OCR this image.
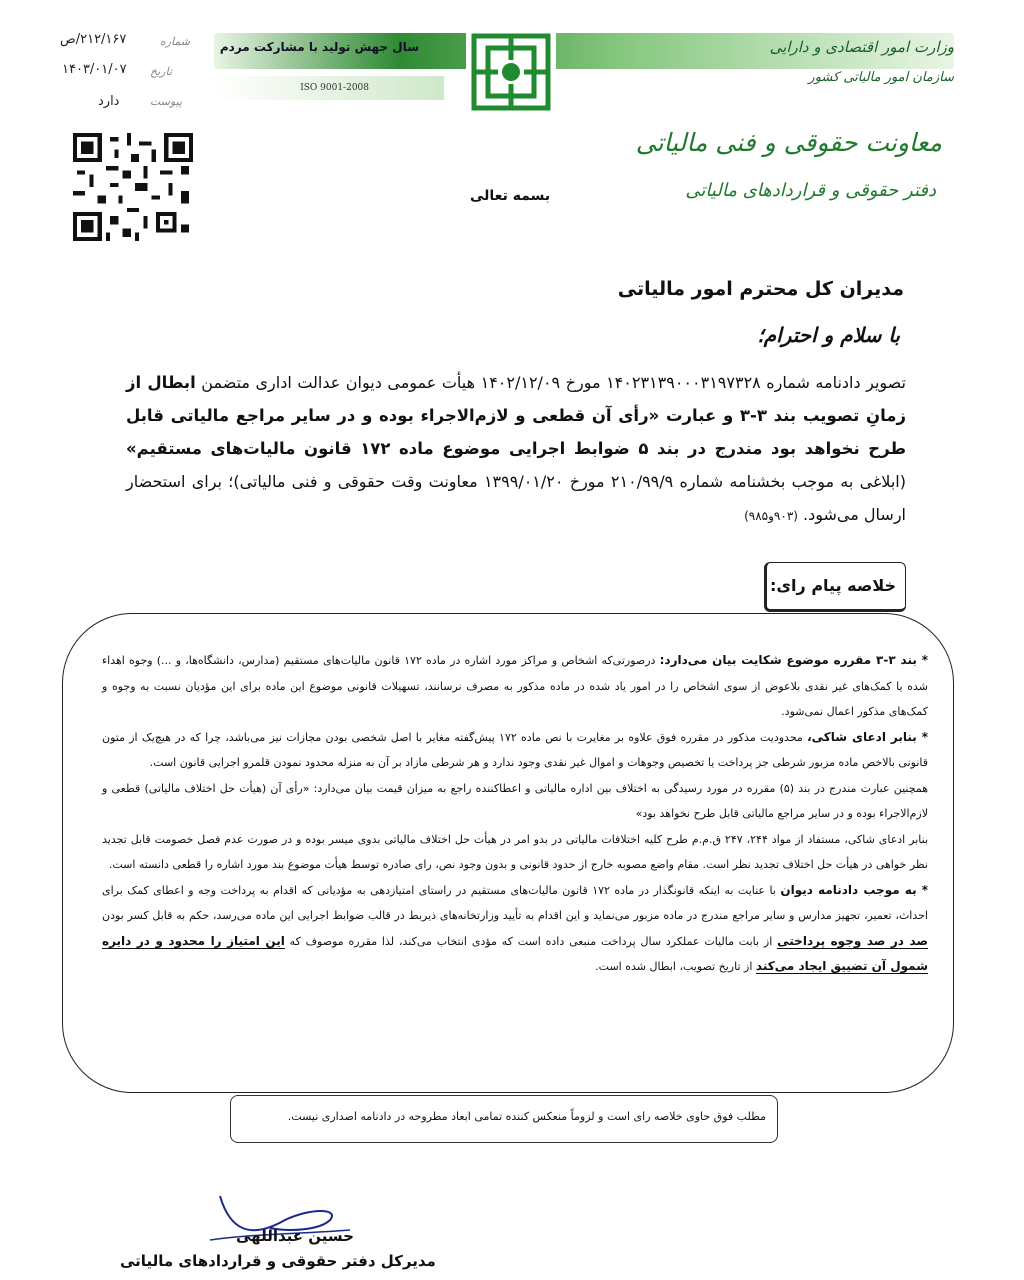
سال جهش تولید با مشارکت مردم
ISO 9001-2008
وزارت امور اقتصادی و دارایی
سازمان امور مالیاتی کشور
معاونت حقوقی و فنی مالیاتی
دفتر حقوقی و قراردادهای مالیاتی
شماره
۲۱۲/۱۶۷/ص
تاریخ
۱۴۰۳/۰۱/۰۷
پیوست
دارد
بسمه تعالی
مدیران کل محترم امور مالیاتی
با سلام و احترام؛
تصویر دادنامه شماره ۱۴۰۲۳۱۳۹۰۰۰۳۱۹۷۳۲۸ مورخ ۱۴۰۲/۱۲/۰۹ هیأت عمومی دیوان عدالت اداری متضمن ابطال از زمانِ تصویب بند ۳-۳ و عبارت «رأی آن قطعی و لازم‌الاجراء بوده و در سایر مراجع مالیاتی قابل طرح نخواهد بود مندرج در بند ۵ ضوابط اجرایی موضوع ماده ۱۷۲ قانون مالیات‌های مستقیم» (ابلاغی به موجب بخشنامه شماره ۲۱۰/۹۹/۹ مورخ ۱۳۹۹/۰۱/۲۰ معاونت وقت حقوقی و فنی مالیاتی)؛ برای استحضار ارسال می‌شود. (۹۰۳و۹۸۵)
خلاصه پیام رای:

* بند ۳-۳ مقرره موضوع شکایت بیان می‌دارد: درصورتی‌که اشخاص و مراکز مورد اشاره در ماده ۱۷۲ قانون مالیات‌های مستقیم (مدارس، دانشگاه‌ها، و ...) وجوه اهداء شده یا کمک‌های غیر نقدی بلاعوض از سوی اشخاص را در امور یاد شده در ماده مذکور به مصرف نرسانند، تسهیلات قانونی موضوع این ماده برای این مؤدیان نسبت به وجوه و کمک‌های مذکور اعمال نمی‌شود.

* بنابر ادعای شاکی، محدودیت مذکور در مقرره فوق علاوه بر مغایرت با نص ماده ۱۷۲ پیش‌گفته مغایر با اصل شخصی بودن مجازات نیز می‌باشد، چرا که در هیچ‌یک از متون قانونی بالاخص ماده مزبور شرطی جز پرداخت یا تخصیص وجوهات و اموال غیر نقدی وجود ندارد و هر شرطی مازاد بر آن به منزله محدود نمودن قلمرو اجرایی قانون است.

همچنین عبارت مندرج در بند (۵) مقرره در مورد رسیدگی به اختلاف بین اداره مالیاتی و اعطاکننده راجع به میزان قیمت بیان می‌دارد: «رأی آن (هیأت حل اختلاف مالیاتی) قطعی و لازم‌الاجراء بوده و در سایر مراجع مالیاتی قابل طرح نخواهد بود»

بنابر ادعای شاکی، مستفاد از مواد ۲۴۴، ۲۴۷ ق.م.م طرح کلیه اختلافات مالیاتی در بدو امر در هیأت حل اختلاف مالیاتی بدوی میسر بوده و در صورت عدم فصل خصومت قابل تجدید نظر خواهی در هیأت حل اختلاف تجدید نظر است. مقام واضع مصوبه خارج از حدود قانونی و بدون وجود نص، رای صادره توسط هیأت موضوع بند مورد اشاره را قطعی دانسته است.

* به موجب دادنامه دیوان با عنایت به اینکه قانونگذار در ماده ۱۷۲ قانون مالیات‌های مستقیم در راستای امتیازدهی به مؤدیانی که اقدام به پرداخت وجه و اعطای کمک برای احداث، تعمیر، تجهیز مدارس و سایر مراجع مندرج در ماده مزبور می‌نماید و این اقدام به تأیید وزارتخانه‌های ذیربط در قالب ضوابط اجرایی این ماده می‌رسد، حکم به قابل کسر بودن صد در صد وجوه پرداختی از بابت مالیات عملکرد سال پرداخت منبعی داده است که مؤدی انتخاب می‌کند، لذا مقرره موصوف که این امتیاز را محدود و در دایره شمول آن تضییق ایجاد می‌کند از تاریخ تصویب، ابطال شده است.

مطلب فوق حاوی خلاصه رای است و لزوماً منعکس کننده تمامی ابعاد مطروحه در دادنامه اصداری نیست.
حسین عبداللهی
مدیرکل دفتر حقوقی و قراردادهای مالیاتی
